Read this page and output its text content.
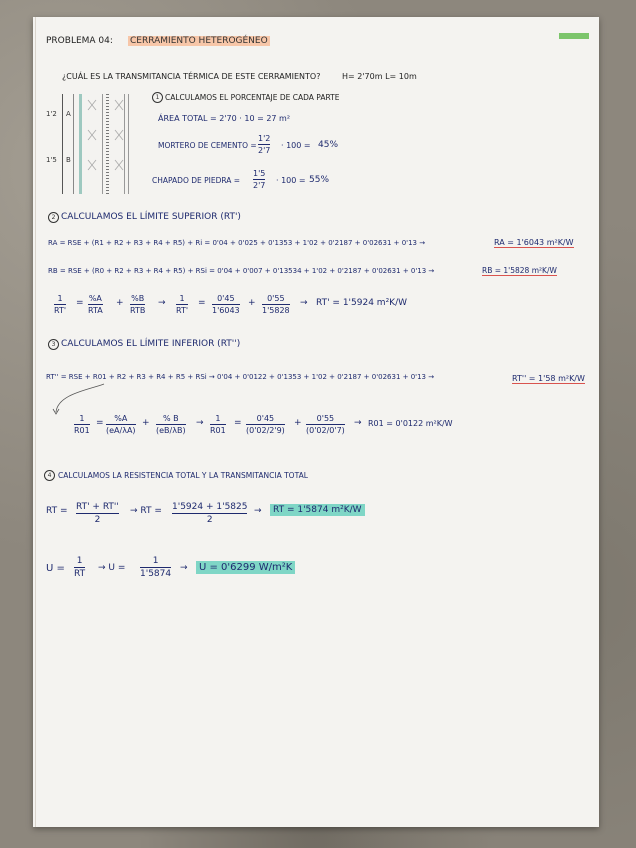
PROBLEMA 04: CERRAMIENTO HETEROGÉNEO
¿CUÁL ES LA TRANSMITANCIA TÉRMICA DE ESTE CERRAMIENTO?	H= 2'70m L= 10m
1'2
1'5
A
B
1 CALCULAMOS EL PORCENTAJE DE CADA PARTE
ÁREA TOTAL = 2'70 · 10 = 27 m²
MORTERO DE CEMENTO =
1'2
2'7
· 100 = 45%
CHAPADO DE PIEDRA =
1'5
2'7
· 100 = 55%
2 CALCULAMOS EL LÍMITE SUPERIOR (RT')
RA = RSE + (R1 + R2 + R3 + R4 + R5) + Ri = 0'04 + 0'025 + 0'1353 + 1'02 + 0'2187 + 0'02631 + 0'13 →	RA = 1'6043 m²K/W
RB = RSE + (R0 + R2 + R3 + R4 + R5) + RSi = 0'04 + 0'007 + 0'13534 + 1'02 + 0'2187 + 0'02631 + 0'13 →	RB = 1'5828 m²K/W
1
RT'
= %A
RTA
+ %B
RTB
→ 1
RT'
= 0'45
1'6043
+ 0'55
1'5828
→ RT' = 1'5924 m²K/W
3 CALCULAMOS EL LÍMITE INFERIOR (RT'')
RT'' = RSE + R01 + R2 + R3 + R4 + R5 + RSi → 0'04 + 0'0122 + 0'1353 + 1'02 + 0'2187 + 0'02631 + 0'13 →	RT'' = 1'58 m²K/W
1
R01
= %A
(eA/λA)
+ % B
(eB/λB)
→ 1
R01
= 0'45
(0'02/2'9)
+ 0'55
(0'02/0'7)
→ R01 = 0'0122 m²K/W
4 CALCULAMOS LA RESISTENCIA TOTAL Y LA TRANSMITANCIA TOTAL
RT = RT' + RT''
2
→ RT = 1'5924 + 1'5825
2
→	RT = 1'5874 m²K/W
U =
1
RT
→ U =
1
1'5874
→	U = 0'6299 W/m²K
